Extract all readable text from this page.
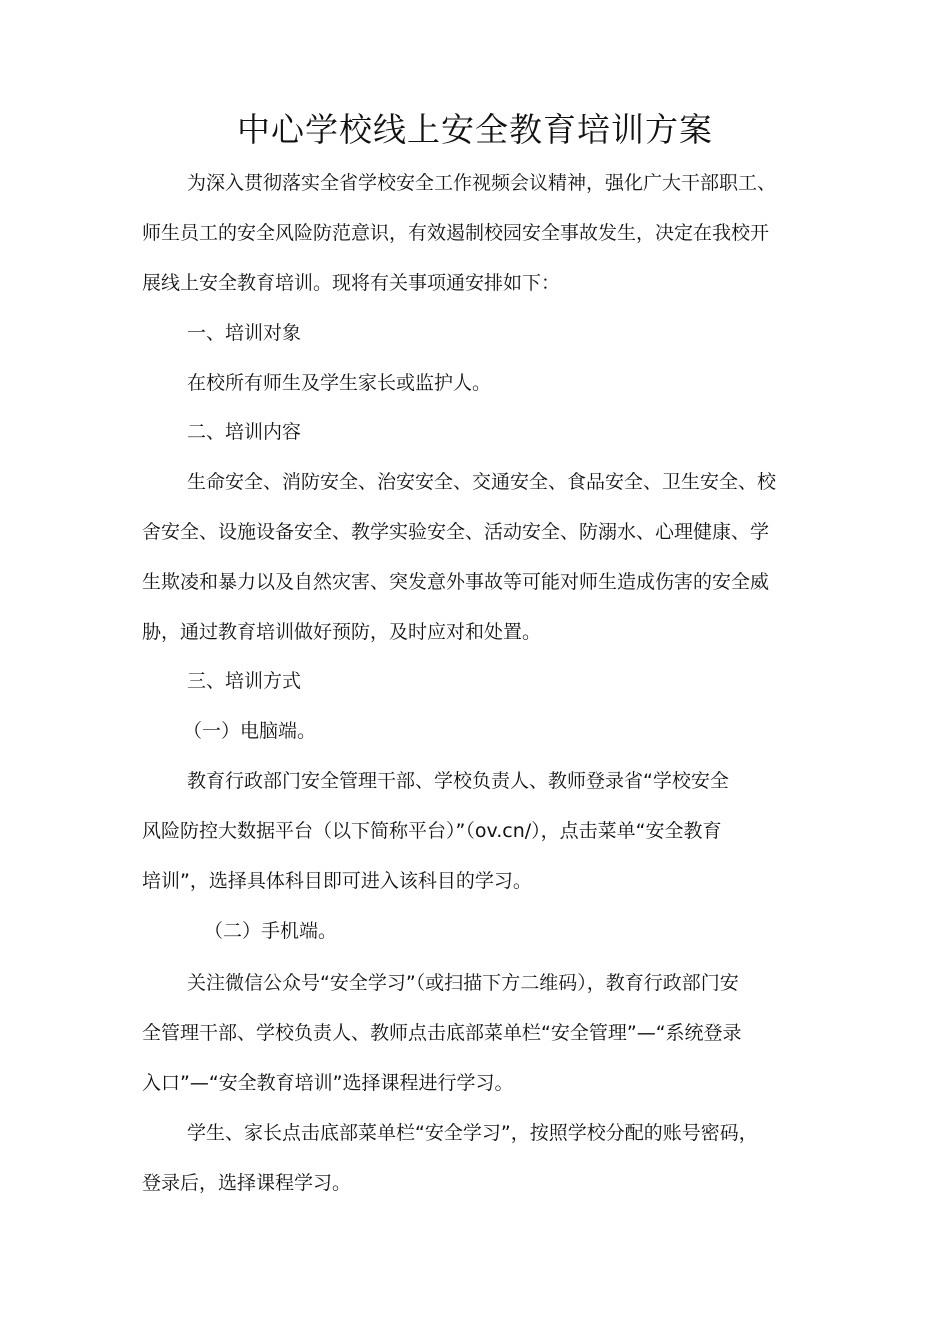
中心学校线上安全教育培训方案
为深入贯彻落实全省学校安全工作视频会议精神，强化广大干部职工、
师生员工的安全风险防范意识，有效遏制校园安全事故发生，决定在我校开
展线上安全教育培训。现将有关事项通安排如下：
一、培训对象
在校所有师生及学生家长或监护人。
二、培训内容
生命安全、消防安全、治安安全、交通安全、食品安全、卫生安全、校
舍安全、设施设备安全、教学实验安全、活动安全、防溺水、心理健康、学
生欺凌和暴力以及自然灾害、突发意外事故等可能对师生造成伤害的安全威
胁，通过教育培训做好预防，及时应对和处置。
三、培训方式
（一）电脑端。
教育行政部门安全管理干部、学校负责人、教师登录省“学校安全
风险防控大数据平台（以下简称平台）”（ov.cn/），点击菜单“安全教育
培训”，选择具体科目即可进入该科目的学习。
（二）手机端。
关注微信公众号“安全学习”（或扫描下方二维码），教育行政部门安
全管理干部、学校负责人、教师点击底部菜单栏“安全管理”—“系统登录
入口”—“安全教育培训”选择课程进行学习。
学生、家长点击底部菜单栏“安全学习”，按照学校分配的账号密码，
登录后，选择课程学习。
